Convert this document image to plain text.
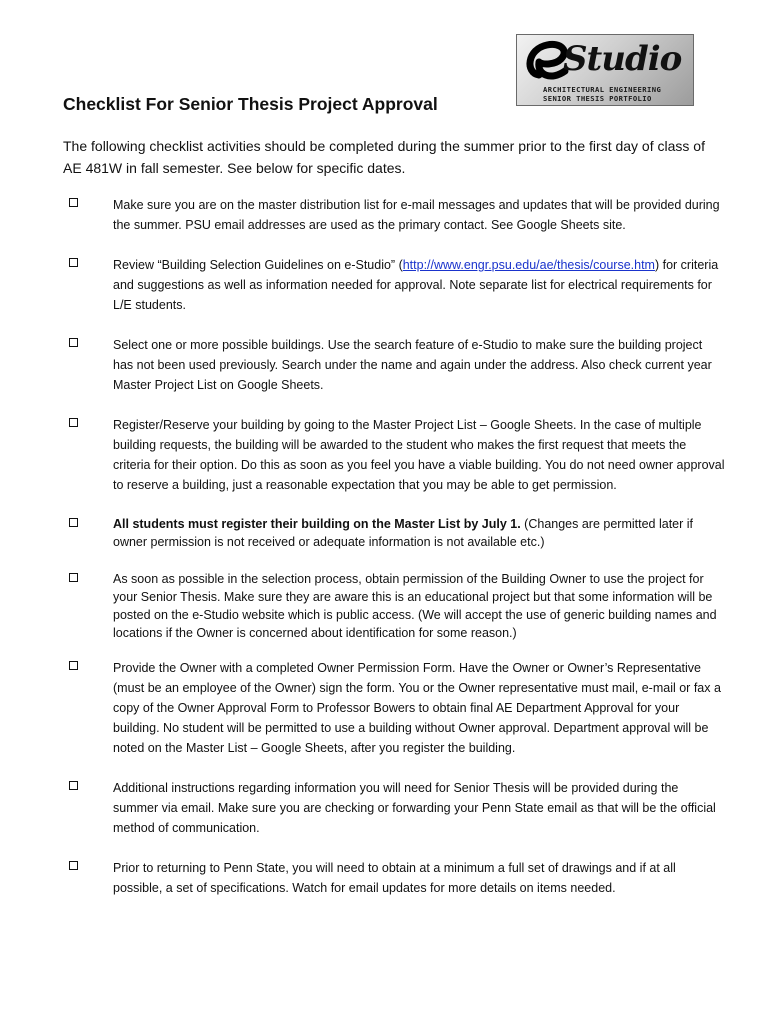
Studio
ARCHITECTURAL ENGINEERING
SENIOR THESIS PORTFOLIO
Checklist For Senior Thesis Project Approval

The following checklist activities should be completed during the summer prior to the first day of class of AE 481W in fall semester. See below for specific dates.

Make sure you are on the master distribution list for e-mail messages and updates that will be provided during the summer. PSU email addresses are used as the primary contact. See Google Sheets site.

Review “Building Selection Guidelines on e-Studio” (http://www.engr.psu.edu/ae/thesis/course.htm) for criteria and suggestions as well as information needed for approval. Note separate list for electrical requirements for L/E students.

Select one or more possible buildings. Use the search feature of e-Studio to make sure the building project has not been used previously. Search under the name and again under the address. Also check current year Master Project List on Google Sheets.

Register/Reserve your building by going to the Master Project List – Google Sheets. In the case of multiple building requests, the building will be awarded to the student who makes the first request that meets the criteria for their option. Do this as soon as you feel you have a viable building. You do not need owner approval to reserve a building, just a reasonable expectation that you may be able to get permission.

All students must register their building on the Master List by July 1. (Changes are permitted later if owner permission is not received or adequate information is not available etc.)

As soon as possible in the selection process, obtain permission of the Building Owner to use the project for your Senior Thesis. Make sure they are aware this is an educational project but that some information will be posted on the e-Studio website which is public access. (We will accept the use of generic building names and locations if the Owner is concerned about identification for some reason.)

Provide the Owner with a completed Owner Permission Form. Have the Owner or Owner’s Representative (must be an employee of the Owner) sign the form. You or the Owner representative must mail, e-mail or fax a copy of the Owner Approval Form to Professor Bowers to obtain final AE Department Approval for your building. No student will be permitted to use a building without Owner approval. Department approval will be noted on the Master List – Google Sheets, after you register the building.

Additional instructions regarding information you will need for Senior Thesis will be provided during the summer via email. Make sure you are checking or forwarding your Penn State email as that will be the official method of communication.

Prior to returning to Penn State, you will need to obtain at a minimum a full set of drawings and if at all possible, a set of specifications. Watch for email updates for more details on items needed.
